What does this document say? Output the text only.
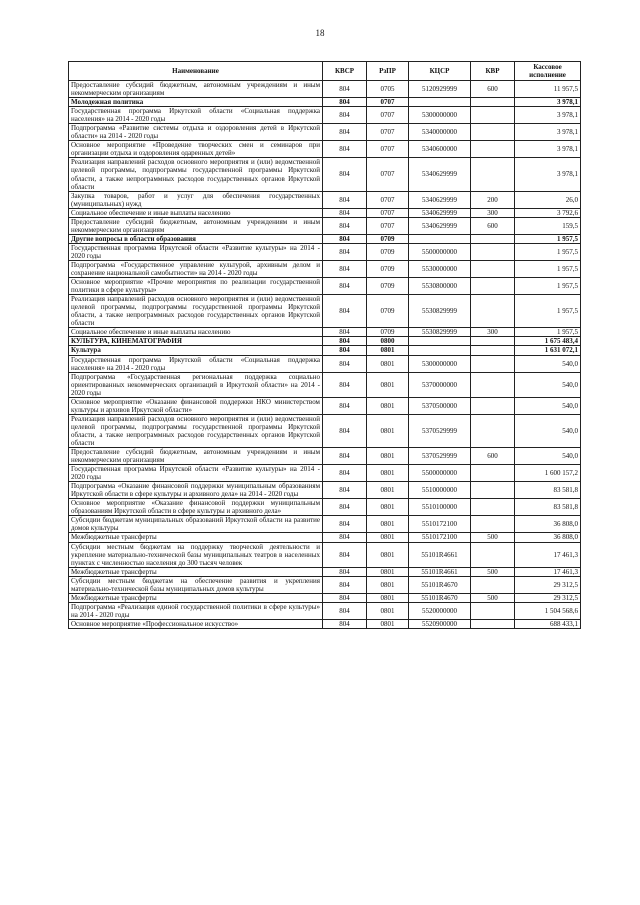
18
Наименование	КВСР	РзПР	КЦСР	КВР	Кассовое исполнение
Предоставление субсидий бюджетным, автономным учреждениям и иным некоммерческим организациям	804	0705	5120929999	600	11 957,5
Молодежная политика	804	0707			3 978,1
Государственная программа Иркутской области «Социальная поддержка населения» на 2014 - 2020 годы	804	0707	5300000000		3 978,1
Подпрограмма «Развитие системы отдыха и оздоровления детей в Иркутской области» на 2014 - 2020 годы	804	0707	5340000000		3 978,1
Основное мероприятие «Проведение творческих смен и семинаров при организации отдыха и оздоровления одаренных детей»	804	0707	5340600000		3 978,1
Реализация направлений расходов основного мероприятия и (или) ведомственной целевой программы, подпрограммы государственной программы Иркутской области, а также непрограммных расходов государственных органов Иркутской области	804	0707	5340629999		3 978,1
Закупка товаров, работ и услуг для обеспечения государственных (муниципальных) нужд	804	0707	5340629999	200	26,0
Социальное обеспечение и иные выплаты населению	804	0707	5340629999	300	3 792,6
Предоставление субсидий бюджетным, автономным учреждениям и иным некоммерческим организациям	804	0707	5340629999	600	159,5
Другие вопросы в области образования	804	0709			1 957,5
Государственная программа Иркутской области «Развитие культуры» на 2014 - 2020 годы	804	0709	5500000000		1 957,5
Подпрограмма «Государственное управление культурой, архивным делом и сохранение национальной самобытности» на 2014 - 2020 годы	804	0709	5530000000		1 957,5
Основное мероприятие «Прочие мероприятия по реализации государственной политики в сфере культуры»	804	0709	5530800000		1 957,5
Реализация направлений расходов основного мероприятия и (или) ведомственной целевой программы, подпрограммы государственной программы Иркутской области, а также непрограммных расходов государственных органов Иркутской области	804	0709	5530829999		1 957,5
Социальное обеспечение и иные выплаты населению	804	0709	5530829999	300	1 957,5
КУЛЬТУРА, КИНЕМАТОГРАФИЯ	804	0800			1 675 483,4
Культура	804	0801			1 631 072,1
Государственная программа Иркутской области «Социальная поддержка населения» на 2014 - 2020 годы	804	0801	5300000000		540,0
Подпрограмма «Государственная региональная поддержка социально ориентированных некоммерческих организаций в Иркутской области» на 2014 - 2020 годы	804	0801	5370000000		540,0
Основное мероприятие «Оказание финансовой поддержки НКО министерством культуры и архивов Иркутской области»	804	0801	5370500000		540,0
Реализация направлений расходов основного мероприятия и (или) ведомственной целевой программы, подпрограммы государственной программы Иркутской области, а также непрограммных расходов государственных органов Иркутской области	804	0801	5370529999		540,0
Предоставление субсидий бюджетным, автономным учреждениям и иным некоммерческим организациям	804	0801	5370529999	600	540,0
Государственная программа Иркутской области «Развитие культуры» на 2014 - 2020 годы	804	0801	5500000000		1 600 157,2
Подпрограмма «Оказание финансовой поддержки муниципальным образованиям Иркутской области в сфере культуры и архивного дела» на 2014 - 2020 годы	804	0801	5510000000		83 581,8
Основное мероприятие «Оказание финансовой поддержки муниципальным образованиям Иркутской области в сфере культуры и архивного дела»	804	0801	5510100000		83 581,8
Субсидии бюджетам муниципальных образований Иркутской области на развитие домов культуры	804	0801	5510172100		36 808,0
Межбюджетные трансферты	804	0801	5510172100	500	36 808,0
Субсидии местным бюджетам на поддержку творческой деятельности и укрепление материально-технической базы муниципальных театров в населенных пунктах с численностью населения до 300 тысяч человек	804	0801	55101R4661		17 461,3
Межбюджетные трансферты	804	0801	55101R4661	500	17 461,3
Субсидии местным бюджетам на обеспечение развития и укрепления материально-технической базы муниципальных домов культуры	804	0801	55101R4670		29 312,5
Межбюджетные трансферты	804	0801	55101R4670	500	29 312,5
Подпрограмма «Реализация единой государственной политики в сфере культуры» на 2014 - 2020 годы	804	0801	5520000000		1 504 568,6
Основное мероприятие «Профессиональное искусство»	804	0801	5520900000		688 433,1
